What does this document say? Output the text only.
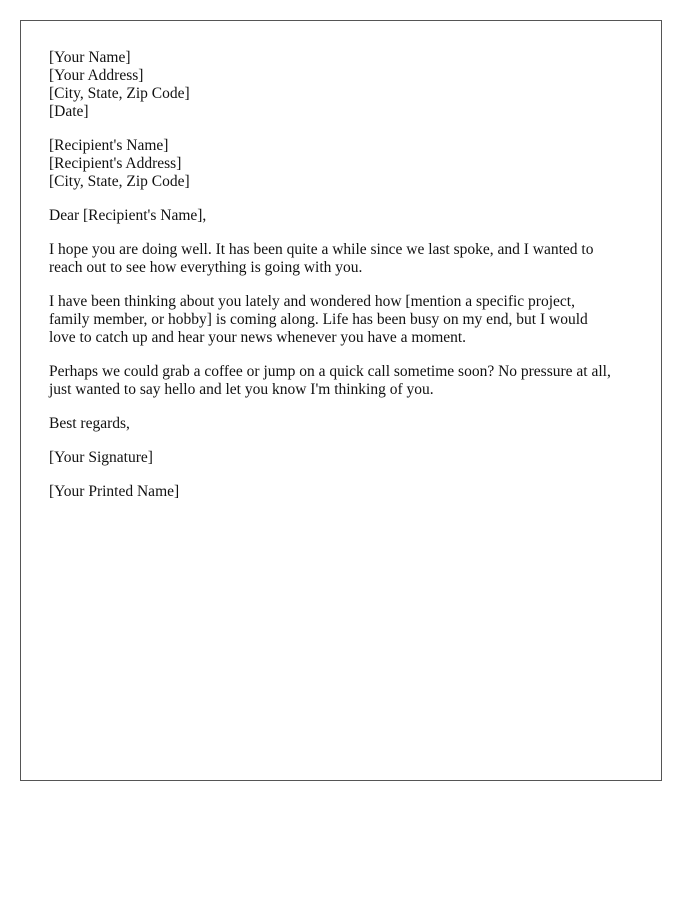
[Your Name]
[Your Address]
[City, State, Zip Code]
[Date]
[Recipient's Name]
[Recipient's Address]
[City, State, Zip Code]

Dear [Recipient's Name],

I hope you are doing well. It has been quite a while since we last spoke, and I wanted to
reach out to see how everything is going with you.

I have been thinking about you lately and wondered how [mention a specific project,
family member, or hobby] is coming along. Life has been busy on my end, but I would
love to catch up and hear your news whenever you have a moment.

Perhaps we could grab a coffee or jump on a quick call sometime soon? No pressure at all,
just wanted to say hello and let you know I'm thinking of you.

Best regards,

[Your Signature]

[Your Printed Name]
